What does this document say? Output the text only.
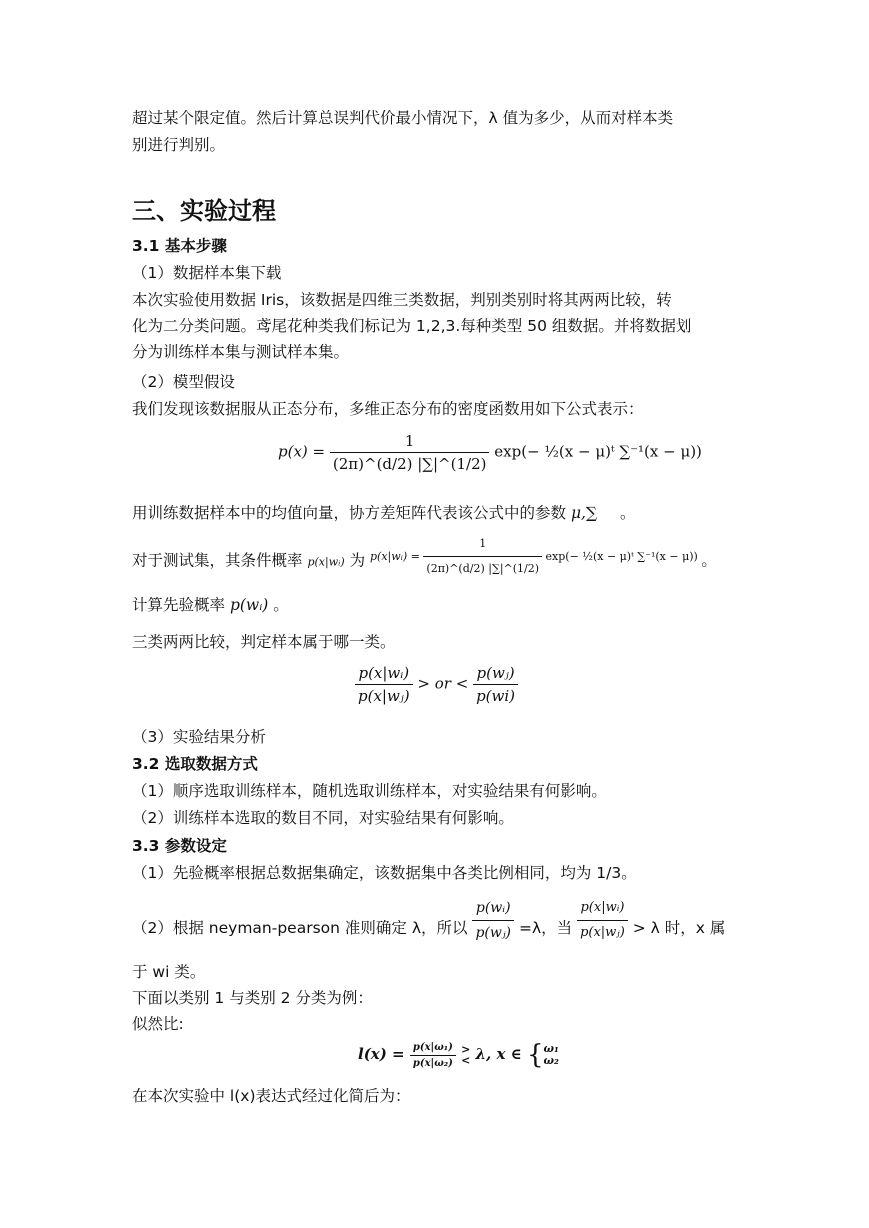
超过某个限定值。然后计算总误判代价最小情况下，λ 值为多少，从而对样本类
别进行判别。
三、实验过程
3.1 基本步骤
（1）数据样本集下载
本次实验使用数据 Iris，该数据是四维三类数据，判别类别时将其两两比较，转
化为二分类问题。鸢尾花种类我们标记为 1,2,3.每种类型 50 组数据。并将数据划
分为训练样本集与测试样本集。
（2）模型假设
我们发现该数据服从正态分布，多维正态分布的密度函数用如下公式表示：
$p(x) = \frac{1}{(2\pi)\^{}(d/2) |\sum|\^{}(1/2)} \exp(-$ ½(x − μ)ᵗ ∑⁻¹(x − μ))
用训练数据样本中的均值向量，协方差矩阵代表该公式中的参数 μ,∑ 。
对于测试集，其条件概率 p(x|wᵢ) 为 $^{p(x|wᵢ) = \frac{1}{(2\pi)\^{}(d/2) |\sum|\^{}(1/2)} exp(- \frac{1}{2}(x - \mu)ᵗ \sum^{-1}(x - \mu))}$ 。
计算先验概率 p(wᵢ) 。
三类两两比较，判定样本属于哪一类。
$\frac{\text{p(x|wᵢ)}}{\text{p(x|wⱼ)}}$ > or < $\frac{\text{p(wⱼ)}}{p(wi)}$
（3）实验结果分析
3.2 选取数据方式
（1）顺序选取训练样本，随机选取训练样本，对实验结果有何影响。
（2）训练样本选取的数目不同，对实验结果有何影响。
3.3 参数设定
（1）先验概率根据总数据集确定，该数据集中各类比例相同，均为 1/3。
（2）根据 neyman-pearson 准则确定 λ，所以 $\frac{\text{p(wᵢ)}}{\text{p(wⱼ)}} =\lambda$，当 $\frac{\text{p(x|wᵢ)}}{\text{p(x|wⱼ)}} > \lambda$ 时，x 属
于 wi 类。
下面以类别 1 与类别 2 分类为例：
似然比:
$l(x) = \frac{\text{p(x|ω₁)}}{\text{p(x|ω₂)}}$
>
< λ, x ∈ { ω₁
ω₂
在本次实验中 l(x)表达式经过化简后为：
